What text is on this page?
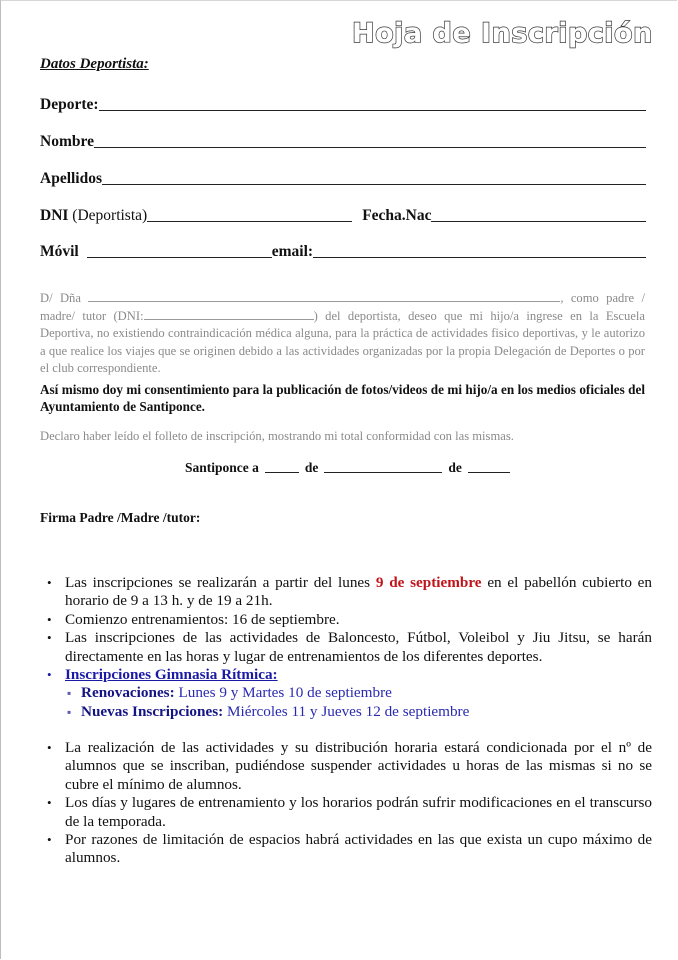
Hoja de Inscripción
Datos Deportista:
Deporte:
Nombre
Apellidos
DNI (Deportista)	Fecha.Nac
Móvil	email:
D/ Dña	, como padre / madre/ tutor (DNI:	) del deportista, deseo que mi hijo/a ingrese en la Escuela Deportiva, no existiendo contraindicación médica alguna, para la práctica de actividades fisico deportivas, y le autorizo a que realice los viajes que se originen debido a las actividades organizadas por la propia Delegación de Deportes o por el club correspondiente.
Así mismo doy mi consentimiento para la publicación de fotos/videos de mi hijo/a en los medios oficiales del Ayuntamiento de Santiponce.
Declaro haber leído el folleto de inscripción, mostrando mi total conformidad con las mismas.
Santiponce a	de	de
Firma Padre /Madre /tutor:
• Las inscripciones se realizarán a partir del lunes 9 de septiembre en el pabellón cubierto en horario de 9 a 13 h. y de 19 a 21h.
• Comienzo entrenamientos: 16 de septiembre.
• Las inscripciones de las actividades de Baloncesto, Fútbol, Voleibol y Jiu Jitsu, se harán directamente en las horas y lugar de entrenamientos de los diferentes deportes.
• Inscripciones Gimnasia Rítmica:
▪ Renovaciones: Lunes 9 y Martes 10 de septiembre
▪ Nuevas Inscripciones: Miércoles 11 y Jueves 12 de septiembre
• La realización de las actividades y su distribución horaria estará condicionada por el nº de alumnos que se inscriban, pudiéndose suspender actividades u horas de las mismas si no se cubre el mínimo de alumnos.
• Los días y lugares de entrenamiento y los horarios podrán sufrir modificaciones en el transcurso de la temporada.
• Por razones de limitación de espacios habrá actividades en las que exista un cupo máximo de alumnos.
